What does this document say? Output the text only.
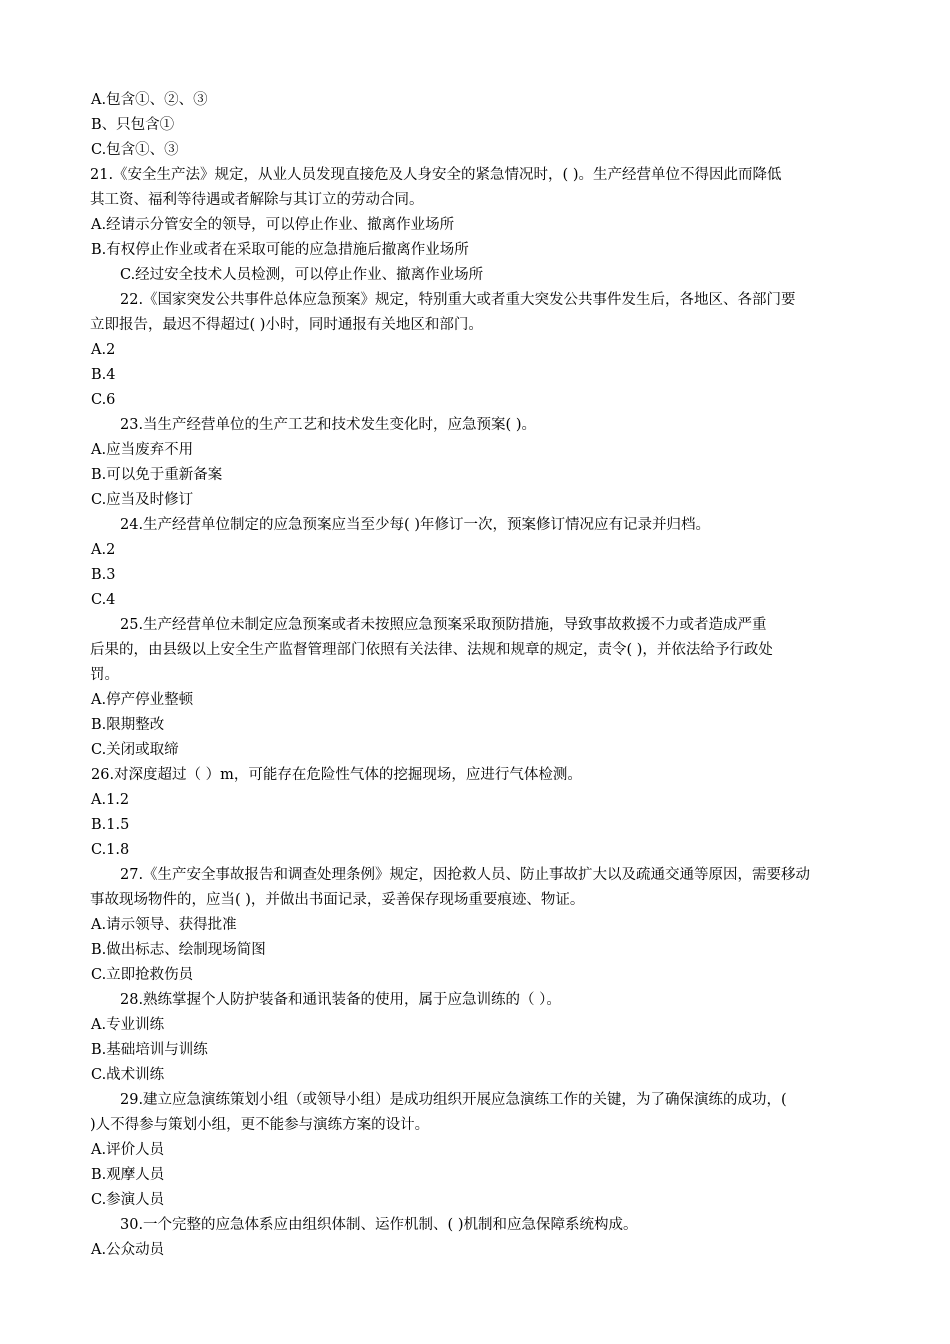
A.包含①、②、③
B、只包含①
C.包含①、③
21.《安全生产法》规定，从业人员发现直接危及人身安全的紧急情况时，( )。生产经营单位不得因此而降低
其工资、福利等待遇或者解除与其订立的劳动合同。
A.经请示分管安全的领导，可以停止作业、撤离作业场所
B.有权停止作业或者在采取可能的应急措施后撤离作业场所
C.经过安全技术人员检测，可以停止作业、撤离作业场所
22.《国家突发公共事件总体应急预案》规定，特别重大或者重大突发公共事件发生后，各地区、各部门要
立即报告，最迟不得超过( )小时，同时通报有关地区和部门。
A.2
B.4
C.6
23.当生产经营单位的生产工艺和技术发生变化时，应急预案( )。
A.应当废弃不用
B.可以免于重新备案
C.应当及时修订
24.生产经营单位制定的应急预案应当至少每( )年修订一次，预案修订情况应有记录并归档。
A.2
B.3
C.4
25.生产经营单位未制定应急预案或者未按照应急预案采取预防措施，导致事故救援不力或者造成严重
后果的，由县级以上安全生产监督管理部门依照有关法律、法规和规章的规定，责令( )，并依法给予行政处
罚。
A.停产停业整顿
B.限期整改
C.关闭或取缔
26.对深度超过（ ）m，可能存在危险性气体的挖掘现场，应进行气体检测。
A.1.2
B.1.5
C.1.8
27.《生产安全事故报告和调查处理条例》规定，因抢救人员、防止事故扩大以及疏通交通等原因，需要移动
事故现场物件的，应当( )，并做出书面记录，妥善保存现场重要痕迹、物证。
A.请示领导、获得批准
B.做出标志、绘制现场简图
C.立即抢救伤员
28.熟练掌握个人防护装备和通讯装备的使用，属于应急训练的（ ）。
A.专业训练
B.基础培训与训练
C.战术训练
29.建立应急演练策划小组（或领导小组）是成功组织开展应急演练工作的关键，为了确保演练的成功，(
)人不得参与策划小组，更不能参与演练方案的设计。
A.评价人员
B.观摩人员
C.参演人员
30.一个完整的应急体系应由组织体制、运作机制、( )机制和应急保障系统构成。
A.公众动员
